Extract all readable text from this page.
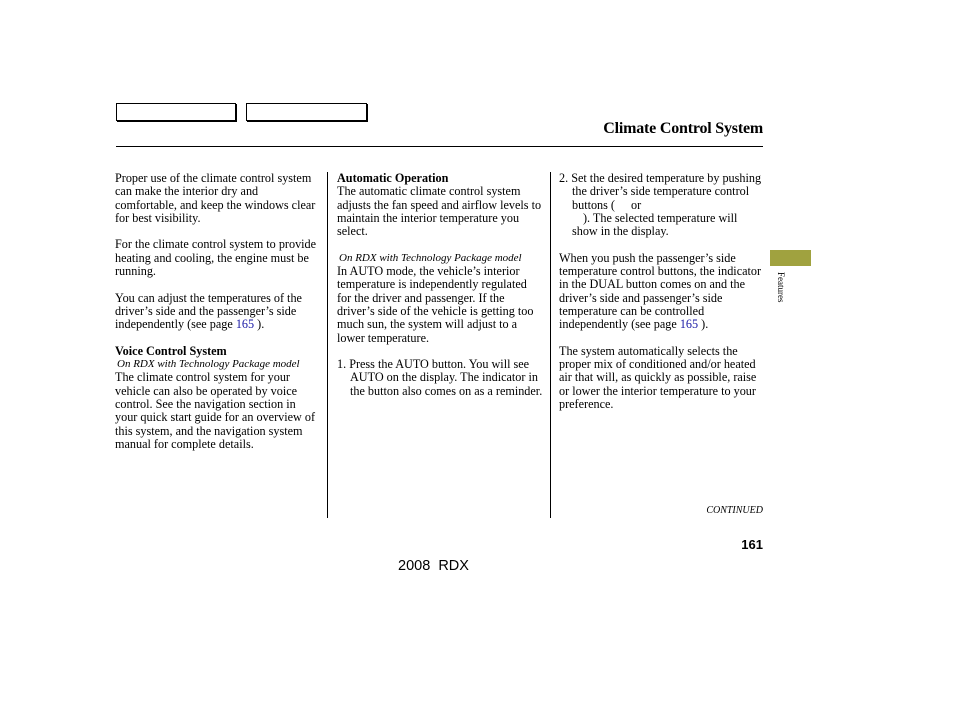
Climate Control System

Proper use of the climate control system can make the interior dry and comfortable, and keep the windows clear for best visibility.

For the climate control system to provide heating and cooling, the engine must be running.

You can adjust the temperatures of the driver’s side and the passenger’s side independently (see page 165 ).

Voice Control System
On RDX with Technology Package model

The climate control system for your vehicle can also be operated by voice control. See the navigation section in your quick start guide for an overview of this system, and the navigation system manual for complete details.

Automatic Operation

The automatic climate control system adjusts the fan speed and airflow levels to maintain the interior temperature you select.

On RDX with Technology Package model

In AUTO mode, the vehicle’s interior temperature is independently regulated for the driver and passenger. If the driver’s side of the vehicle is getting too much sun, the system will adjust to a lower temperature.

1. Press the AUTO button. You will see AUTO on the display. The indicator in the button also comes on as a reminder.

2. Set the desired temperature by pushing the driver’s side temperature control buttons ( or
). The selected temperature will show in the display.

When you push the passenger’s side temperature control buttons, the indicator in the DUAL button comes on and the driver’s side and passenger’s side temperature can be controlled independently (see page 165 ).

The system automatically selects the proper mix of conditioned and/or heated air that will, as quickly as possible, raise or lower the interior temperature to your preference.

Features
CONTINUED
161
2008  RDX
